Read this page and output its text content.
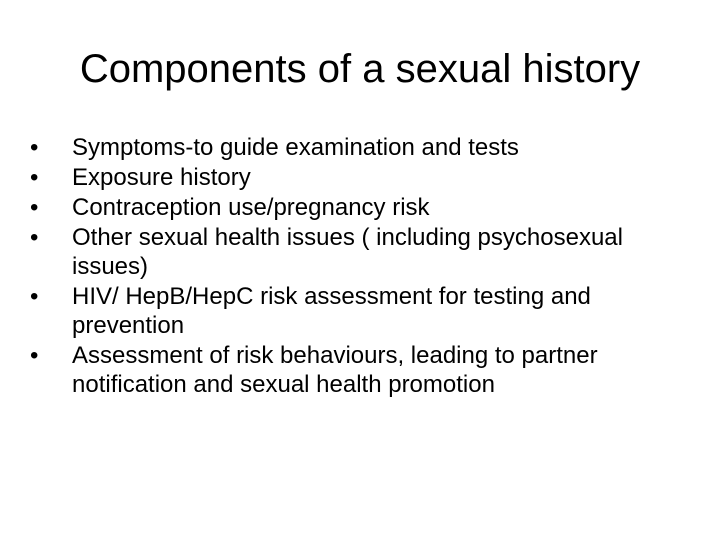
Components of a sexual history
•	Symptoms-to guide examination and tests
•	Exposure history
•	Contraception use/pregnancy risk
•	Other sexual health issues ( including psychosexual issues)
•	HIV/ HepB/HepC risk assessment for testing and prevention
•	Assessment of risk behaviours, leading to partner notification and sexual health promotion
